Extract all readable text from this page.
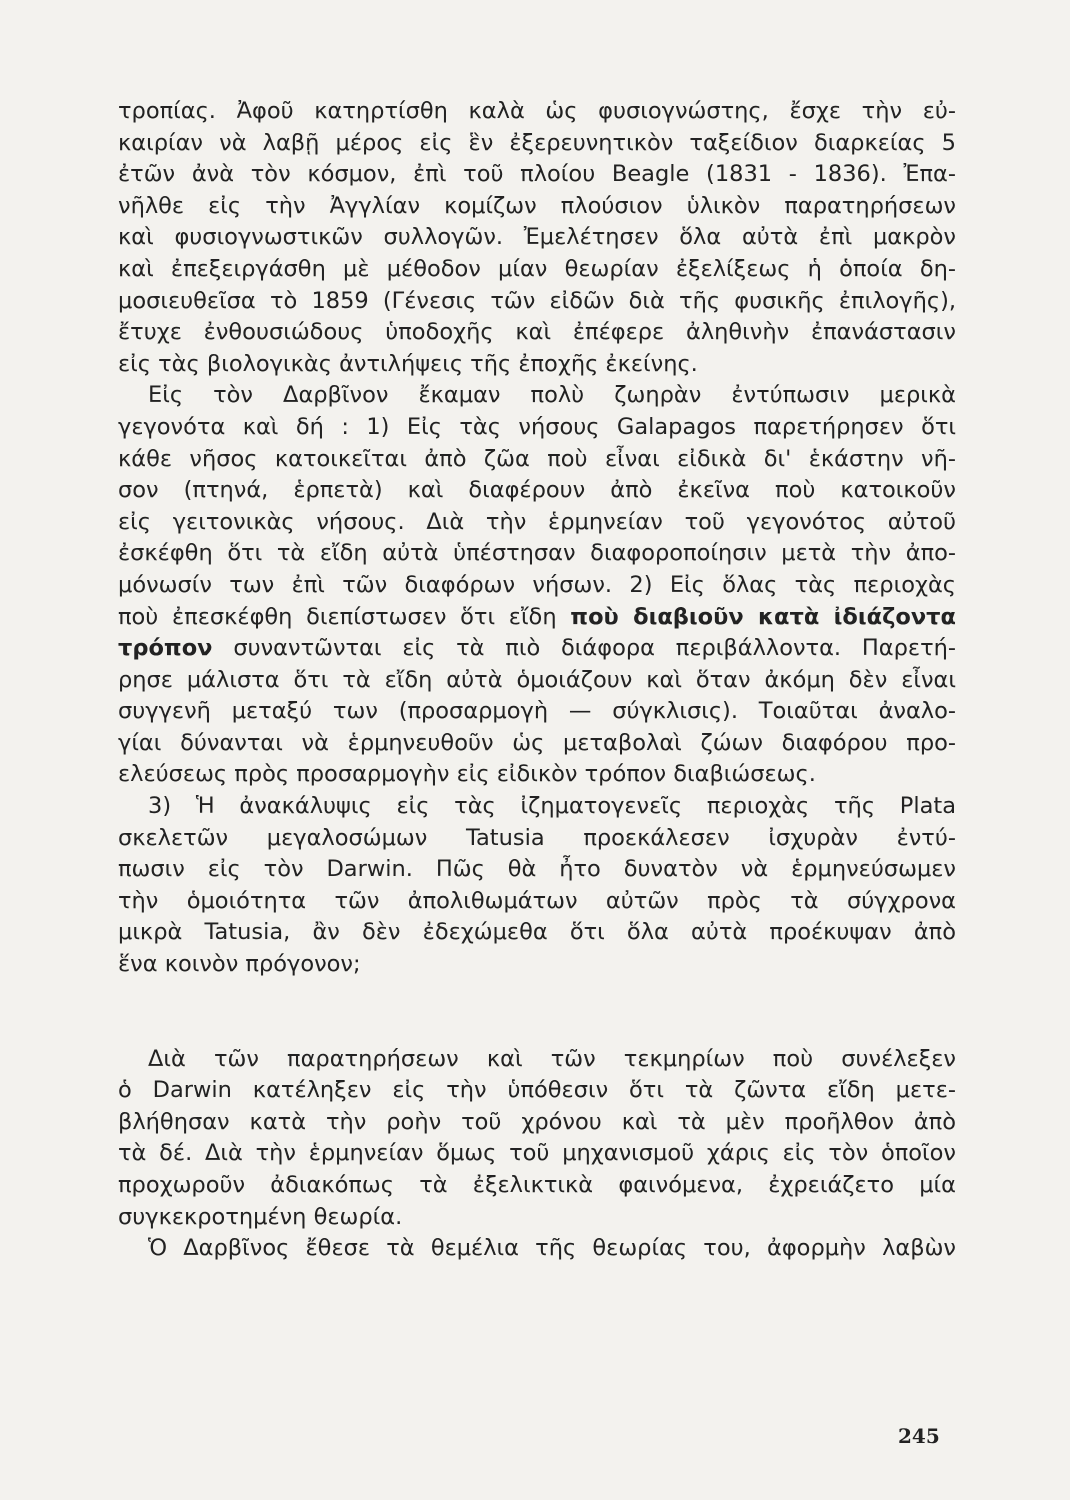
τροπίας. Ἀφοῦ κατηρτίσθη καλὰ ὡς φυσιογνώστης, ἔσχε τὴν εὐ-
καιρίαν νὰ λαβῇ μέρος εἰς ἓν ἐξερευνητικὸν ταξείδιον διαρκείας 5
ἐτῶν ἀνὰ τὸν κόσμον, ἐπὶ τοῦ πλοίου Beagle (1831 - 1836). Ἐπα-
νῆλθε εἰς τὴν Ἀγγλίαν κομίζων πλούσιον ὑλικὸν παρατηρήσεων
καὶ φυσιογνωστικῶν συλλογῶν. Ἐμελέτησεν ὅλα αὐτὰ ἐπὶ μακρὸν
καὶ ἐπεξειργάσθη μὲ μέθοδον μίαν θεωρίαν ἐξελίξεως ἡ ὁποία δη-
μοσιευθεῖσα τὸ 1859 (Γένεσις τῶν εἰδῶν διὰ τῆς φυσικῆς ἐπιλογῆς),
ἔτυχε ἐνθουσιώδους ὑποδοχῆς καὶ ἐπέφερε ἀληθινὴν ἐπανάστασιν
εἰς τὰς βιολογικὰς ἀντιλήψεις τῆς ἐποχῆς ἐκείνης.
Εἰς τὸν Δαρβῖνον ἔκαμαν πολὺ ζωηρὰν ἐντύπωσιν μερικὰ
γεγονότα καὶ δή : 1) Εἰς τὰς νήσους Galapagos παρετήρησεν ὅτι
κάθε νῆσος κατοικεῖται ἀπὸ ζῶα ποὺ εἶναι εἰδικὰ δι' ἑκάστην νῆ-
σον (πτηνά, ἑρπετὰ) καὶ διαφέρουν ἀπὸ ἐκεῖνα ποὺ κατοικοῦν
εἰς γειτονικὰς νήσους. Διὰ τὴν ἑρμηνείαν τοῦ γεγονότος αὐτοῦ
ἐσκέφθη ὅτι τὰ εἴδη αὐτὰ ὑπέστησαν διαφοροποίησιν μετὰ τὴν ἀπο-
μόνωσίν των ἐπὶ τῶν διαφόρων νήσων. 2) Εἰς ὅλας τὰς περιοχὰς
ποὺ ἐπεσκέφθη διεπίστωσεν ὅτι εἴδη ποὺ διαβιοῦν κατὰ ἰδιάζοντα
τρόπον συναντῶνται εἰς τὰ πιὸ διάφορα περιβάλλοντα. Παρετή-
ρησε μάλιστα ὅτι τὰ εἴδη αὐτὰ ὁμοιάζουν καὶ ὅταν ἀκόμη δὲν εἶναι
συγγενῆ μεταξύ των (προσαρμογὴ — σύγκλισις). Τοιαῦται ἀναλο-
γίαι δύνανται νὰ ἑρμηνευθοῦν ὡς μεταβολαὶ ζώων διαφόρου προ-
ελεύσεως πρὸς προσαρμογὴν εἰς εἰδικὸν τρόπον διαβιώσεως.
3) Ἡ ἀνακάλυψις εἰς τὰς ἰζηματογενεῖς περιοχὰς τῆς Plata
σκελετῶν μεγαλοσώμων Tatusia προεκάλεσεν ἰσχυρὰν ἐντύ-
πωσιν εἰς τὸν Darwin. Πῶς θὰ ἦτο δυνατὸν νὰ ἑρμηνεύσωμεν
τὴν ὁμοιότητα τῶν ἀπολιθωμάτων αὐτῶν πρὸς τὰ σύγχρονα
μικρὰ Tatusia, ἂν δὲν ἐδεχώμεθα ὅτι ὅλα αὐτὰ προέκυψαν ἀπὸ
ἕνα κοινὸν πρόγονον;
Διὰ τῶν παρατηρήσεων καὶ τῶν τεκμηρίων ποὺ συνέλεξεν
ὁ Darwin κατέληξεν εἰς τὴν ὑπόθεσιν ὅτι τὰ ζῶντα εἴδη μετε-
βλήθησαν κατὰ τὴν ροὴν τοῦ χρόνου καὶ τὰ μὲν προῆλθον ἀπὸ
τὰ δέ. Διὰ τὴν ἑρμηνείαν ὅμως τοῦ μηχανισμοῦ χάρις εἰς τὸν ὁποῖον
προχωροῦν ἀδιακόπως τὰ ἐξελικτικὰ φαινόμενα, ἐχρειάζετο μία
συγκεκροτημένη θεωρία.
Ὁ Δαρβῖνος ἔθεσε τὰ θεμέλια τῆς θεωρίας του, ἀφορμὴν λαβὼν
245
